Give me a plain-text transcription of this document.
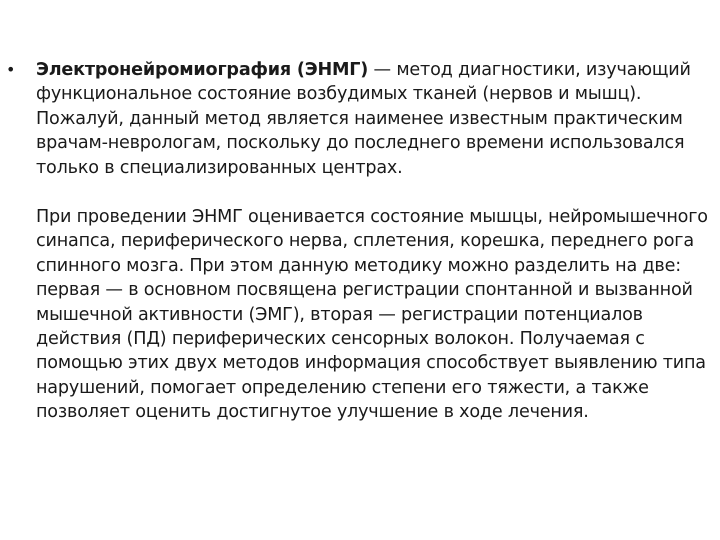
• Электронейромиография (ЭНМГ) — метод диагностики, изучающий функциональное состояние возбудимых тканей (нервов и мышц). Пожалуй, данный метод является наименее известным практическим врачам-неврологам, поскольку до последнего времени использовался только в специализированных центрах.

При проведении ЭНМГ оценивается состояние мышцы, нейромышечного синапса, периферического нерва, сплетения, корешка, переднего рога спинного мозга. При этом данную методику можно разделить на две: первая — в основном посвящена регистрации спонтанной и вызванной мышечной активности (ЭМГ), вторая — регистрации потенциалов действия (ПД) периферических сенсорных волокон. Получаемая с помощью этих двух методов информация способствует выявлению типа нарушений, помогает определению степени его тяжести, а также позволяет оценить достигнутое улучшение в ходе лечения.
